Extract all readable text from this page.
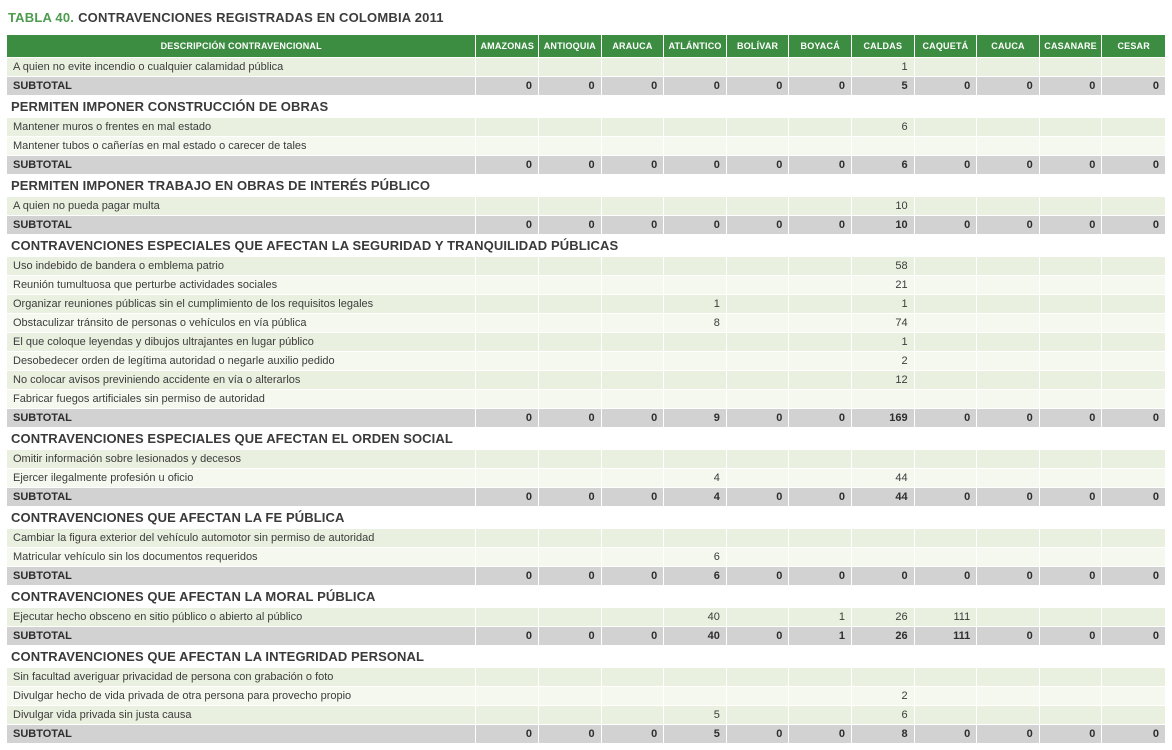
TABLA 40. CONTRAVENCIONES REGISTRADAS EN COLOMBIA 2011
DESCRIPCIÓN CONTRAVENCIONAL	AMAZONAS	ANTIOQUIA	ARAUCA	ATLÁNTICO	BOLÍVAR	BOYACÁ	CALDAS	CAQUETÁ	CAUCA	CASANARE	CESAR
A quien no evite incendio o cualquier calamidad pública							1				
SUBTOTAL	0	0	0	0	0	0	5	0	0	0	0
PERMITEN IMPONER CONSTRUCCIÓN DE OBRAS											
Mantener muros o frentes en mal estado							6				
Mantener tubos o cañerías en mal estado o carecer de tales											
SUBTOTAL	0	0	0	0	0	0	6	0	0	0	0
PERMITEN IMPONER TRABAJO EN OBRAS DE INTERÉS PÚBLICO											
A quien no pueda pagar multa							10				
SUBTOTAL	0	0	0	0	0	0	10	0	0	0	0
CONTRAVENCIONES ESPECIALES QUE AFECTAN LA SEGURIDAD Y TRANQUILIDAD PÚBLICAS											
Uso indebido de bandera o emblema patrio							58				
Reunión tumultuosa que perturbe actividades sociales							21				
Organizar reuniones públicas sin el cumplimiento de los requisitos legales				1			1				
Obstaculizar tránsito de personas o vehículos en vía pública				8			74				
El que coloque leyendas y dibujos ultrajantes en lugar público							1				
Desobedecer orden de legítima autoridad o negarle auxilio pedido							2				
No colocar avisos previniendo accidente en vía o alterarlos							12				
Fabricar fuegos artificiales sin permiso de autoridad											
SUBTOTAL	0	0	0	9	0	0	169	0	0	0	0
CONTRAVENCIONES ESPECIALES QUE AFECTAN EL ORDEN SOCIAL											
Omitir información sobre lesionados y decesos											
Ejercer ilegalmente profesión u oficio				4			44				
SUBTOTAL	0	0	0	4	0	0	44	0	0	0	0
CONTRAVENCIONES QUE AFECTAN LA FE PÚBLICA											
Cambiar la figura exterior del vehículo automotor sin permiso de autoridad											
Matricular vehículo sin los documentos requeridos				6							
SUBTOTAL	0	0	0	6	0	0	0	0	0	0	0
CONTRAVENCIONES QUE AFECTAN LA MORAL PÚBLICA											
Ejecutar hecho obsceno en sitio público o abierto al público				40		1	26	111			
SUBTOTAL	0	0	0	40	0	1	26	111	0	0	0
CONTRAVENCIONES QUE AFECTAN LA INTEGRIDAD PERSONAL											
Sin facultad averiguar privacidad de persona con grabación o foto											
Divulgar hecho de vida privada de otra persona para provecho propio							2				
Divulgar vida privada sin justa causa				5			6				
SUBTOTAL	0	0	0	5	0	0	8	0	0	0	0
